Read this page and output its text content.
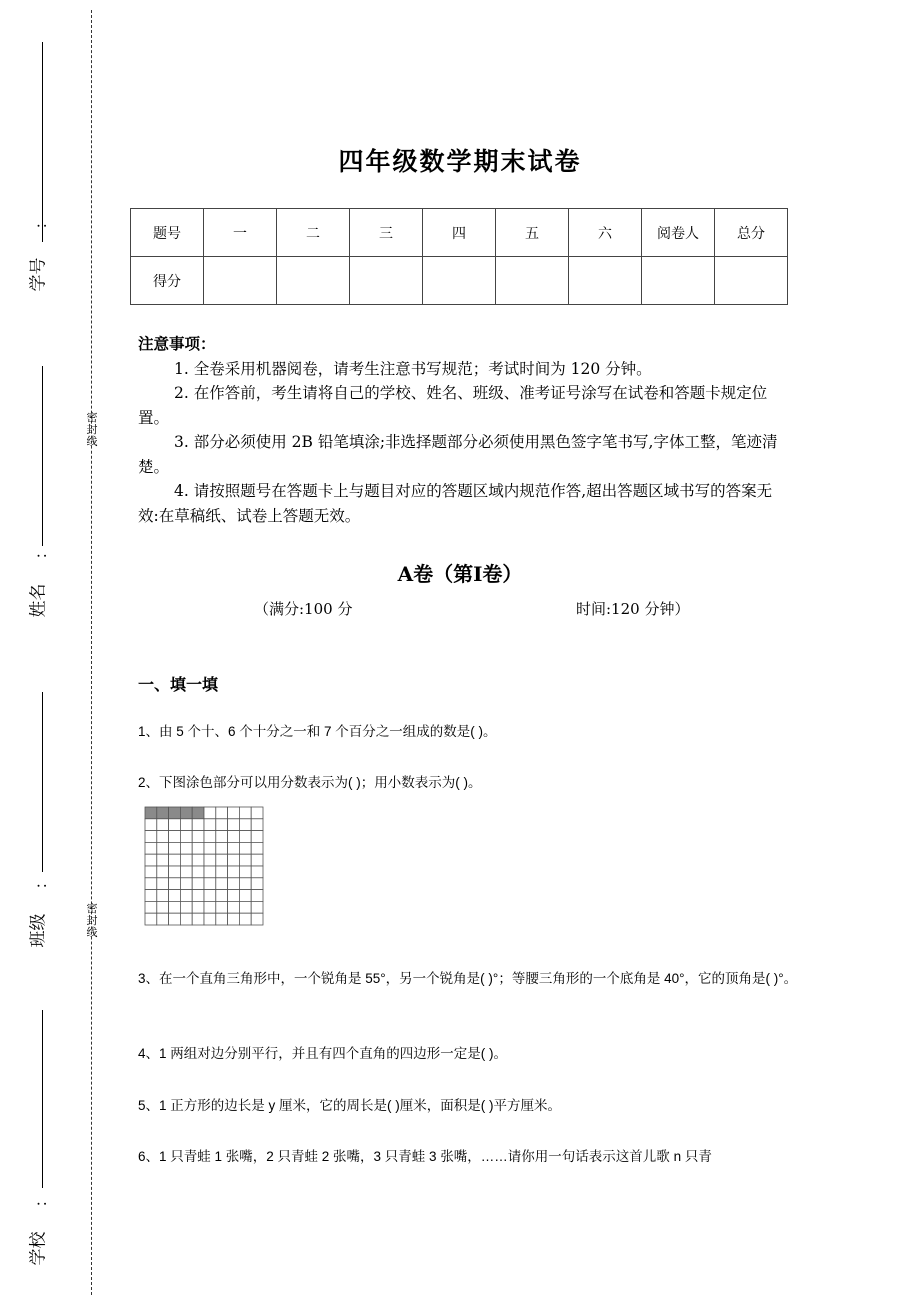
：
学号
：
姓名
：
班级
：
学校
密
封
线
密
封
线
四年级数学期末试卷
题号	一	二	三	四	五	六	阅卷人	总分
得分								

注意事项：

1. 全卷采用机器阅卷，请考生注意书写规范；考试时间为 120 分钟。

2. 在作答前，考生请将自己的学校、姓名、班级、准考证号涂写在试卷和答题卡规定位置。

3. 部分必须使用 2B 铅笔填涂;非选择题部分必须使用黑色签字笔书写,字体工整，笔迹清楚。

4. 请按照题号在答题卡上与题目对应的答题区域内规范作答,超出答题区域书写的答案无效:在草稿纸、试卷上答题无效。

A卷（第Ⅰ卷）
（满分:100 分	时间:120 分钟）
一、填一填
1、由 5 个十、6 个十分之一和 7 个百分之一组成的数是( )。
2、下图涂色部分可以用分数表示为( )；用小数表示为( )。
3、在一个直角三角形中，一个锐角是 55°，另一个锐角是( )°；等腰三角形的一个底角是 40°，它的顶角是( )°。
4、1 两组对边分别平行，并且有四个直角的四边形一定是( )。
5、1 正方形的边长是 y 厘米，它的周长是( )厘米，面积是( )平方厘米。
6、1 只青蛙 1 张嘴，2 只青蛙 2 张嘴，3 只青蛙 3 张嘴，……请你用一句话表示这首儿歌 n 只青
